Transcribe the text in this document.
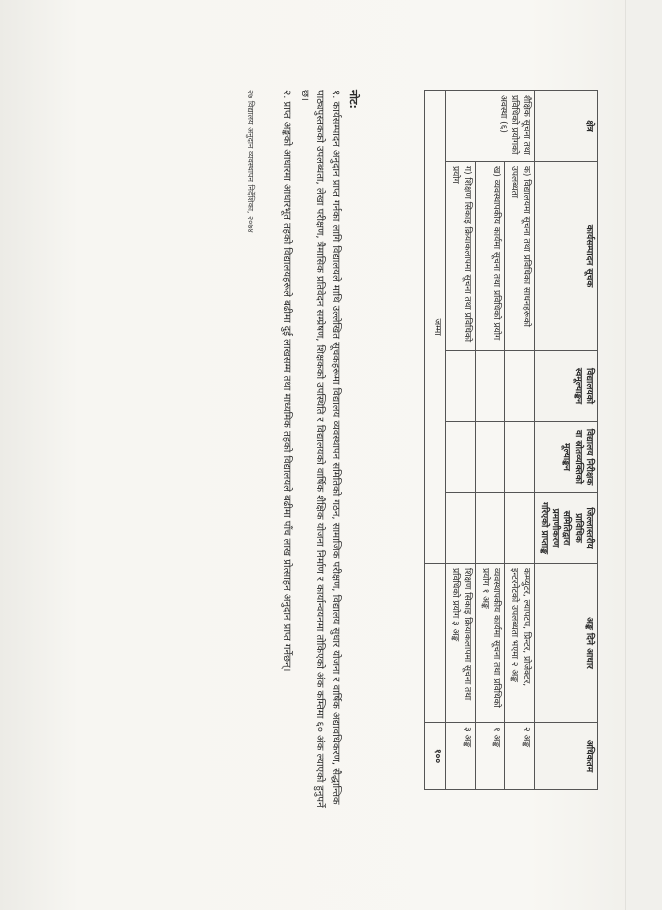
क्षेत्र	कार्यसम्पादन सूचक	विद्यालयको स्वमूल्याङ्कन	विद्यालय निरीक्षक वा स्रोतव्यक्तिको मूल्याङ्कन	जिल्लास्तरीय प्राविधिक समितिद्वारा प्रमाणीकरण गरिएको प्राप्ताङ्क	अङ्क दिने आधार	अधिकतम
शैक्षिक सूचना तथा प्रविधिको प्रयोगको अवस्था (६)	क) विद्यालयमा सूचना तथा प्रविधिका साधनहरूको उपलब्धता				कम्प्युटर, ल्यापटप, प्रिन्टर, प्रोजेक्टर, इन्टरनेटको उपलब्धता भएमा २ अङ्क	२ अङ्क
	ख) व्यवस्थापकीय कार्यमा सूचना तथा प्रविधिको प्रयोग				व्यवस्थापकीय कार्यमा सूचना तथा प्रविधिको प्रयोग १ अङ्क	१ अङ्क
	ग) शिक्षण सिकाइ क्रियाकलापमा सूचना तथा प्रविधिको प्रयोग				शिक्षण सिकाइ क्रियाकलापमा सूचना तथा प्रविधिको प्रयोग ३ अङ्क	३ अङ्क
जम्मा						१००
नोट:

१. कार्यसम्पादन अनुदान प्राप्त गर्नका लागि विद्यालयले माथि उल्लेखित सूचकहरूमा विद्यालय व्यवस्थापन समितिको गठन, सामाजिक परीक्षण, विद्यालय सुधार योजना र वार्षिक अद्यावधिकरण, सैद्धान्तिक पाठ्यपुस्तकको उपलब्धता, लेखा परीक्षण, त्रैमासिक प्रतिवेदन सम्प्रेषण, शिक्षकको उपस्थिति र विद्यालयको वार्षिक शैक्षिक योजना निर्माण र कार्यान्वयनमा तोकिएको अंक कम्तिमा ६० अंक ल्याएको हुनुपर्ने छ।

२. प्राप्त अङ्कको आधारमा आधारभूत तहको विद्यालयहरूले बढीमा दुई लाखसम्म तथा माध्यमिक तहको विद्यालयले बढीमा पाँच लाख प्रोत्साहन अनुदान प्राप्त गर्नेछन्।

२७ विद्यालय अनुदान व्यवस्थापन निर्देशिका, २०७४
